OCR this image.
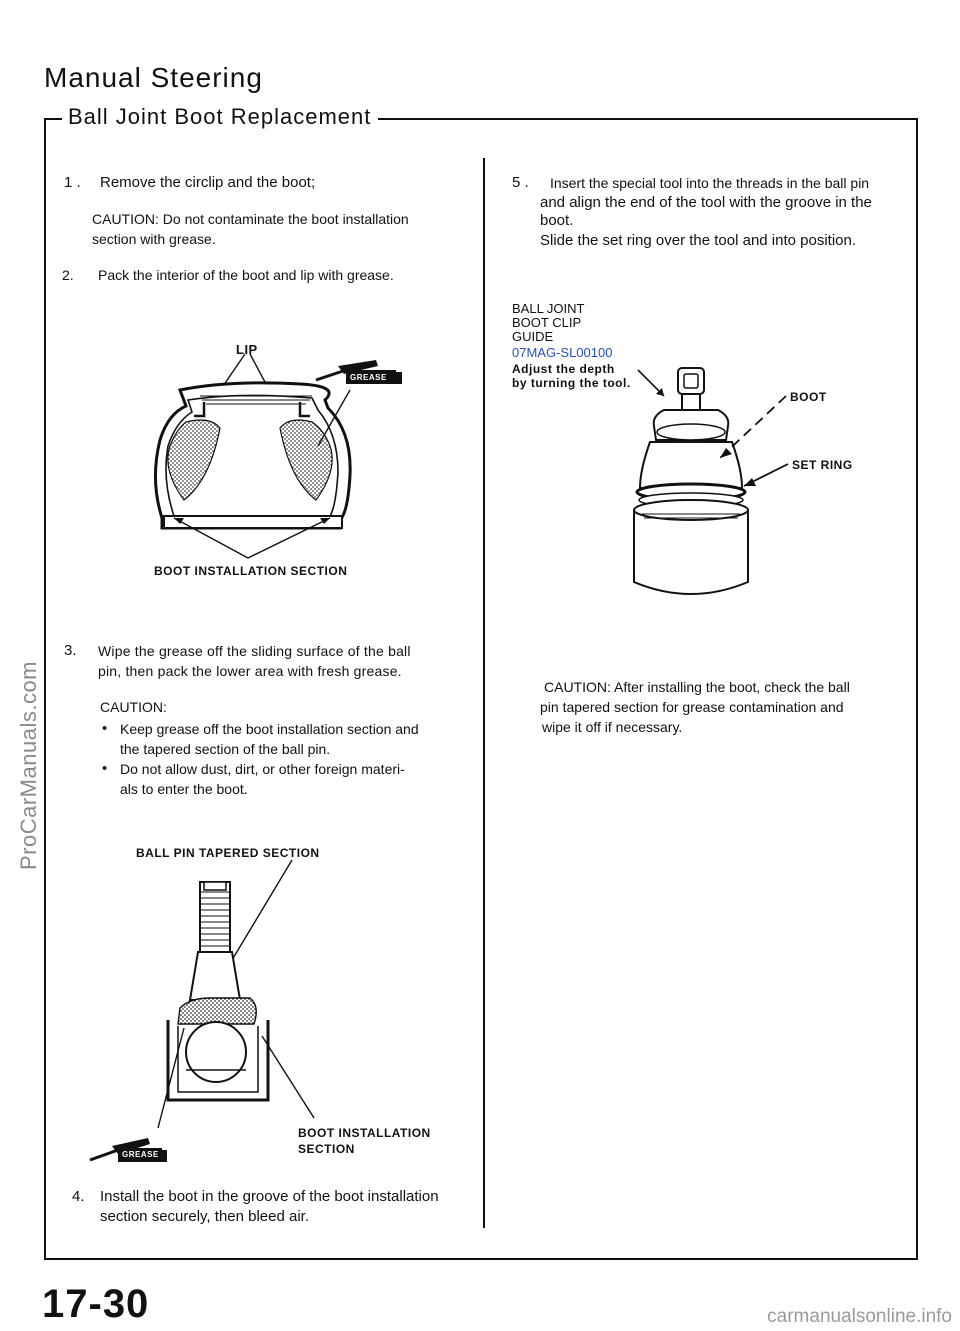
Manual Steering
Ball Joint Boot Replacement
1 . Remove the circlip and the boot;
CAUTION: Do not contaminate the boot installation
section with grease.
2. Pack the interior of the boot and lip with grease.
LIP
GREASE
BOOT INSTALLATION SECTION
3. Wipe the grease off the sliding surface of the ball
pin, then pack the lower area with fresh grease.
CAUTION:
• Keep grease off the boot installation section and
the tapered section of the ball pin.
• Do not allow dust, dirt, or other foreign materi-
als to enter the boot.
BALL PIN TAPERED SECTION
BOOT INSTALLATION
SECTION
GREASE
4. Install the boot in the groove of the boot installation
section securely, then bleed air.
5 . Insert the special tool into the threads in the ball pin
and align the end of the tool with the groove in the
boot.
Slide the set ring over the tool and into position.
BALL JOINT
BOOT CLIP
GUIDE
07MAG-SL00100
Adjust the depth
by turning the tool.
BOOT
SET RING
CAUTION: After installing the boot, check the ball
pin tapered section for grease contamination and
wipe it off if necessary.
17-30	carmanualsonline.info
ProCarManuals.com
